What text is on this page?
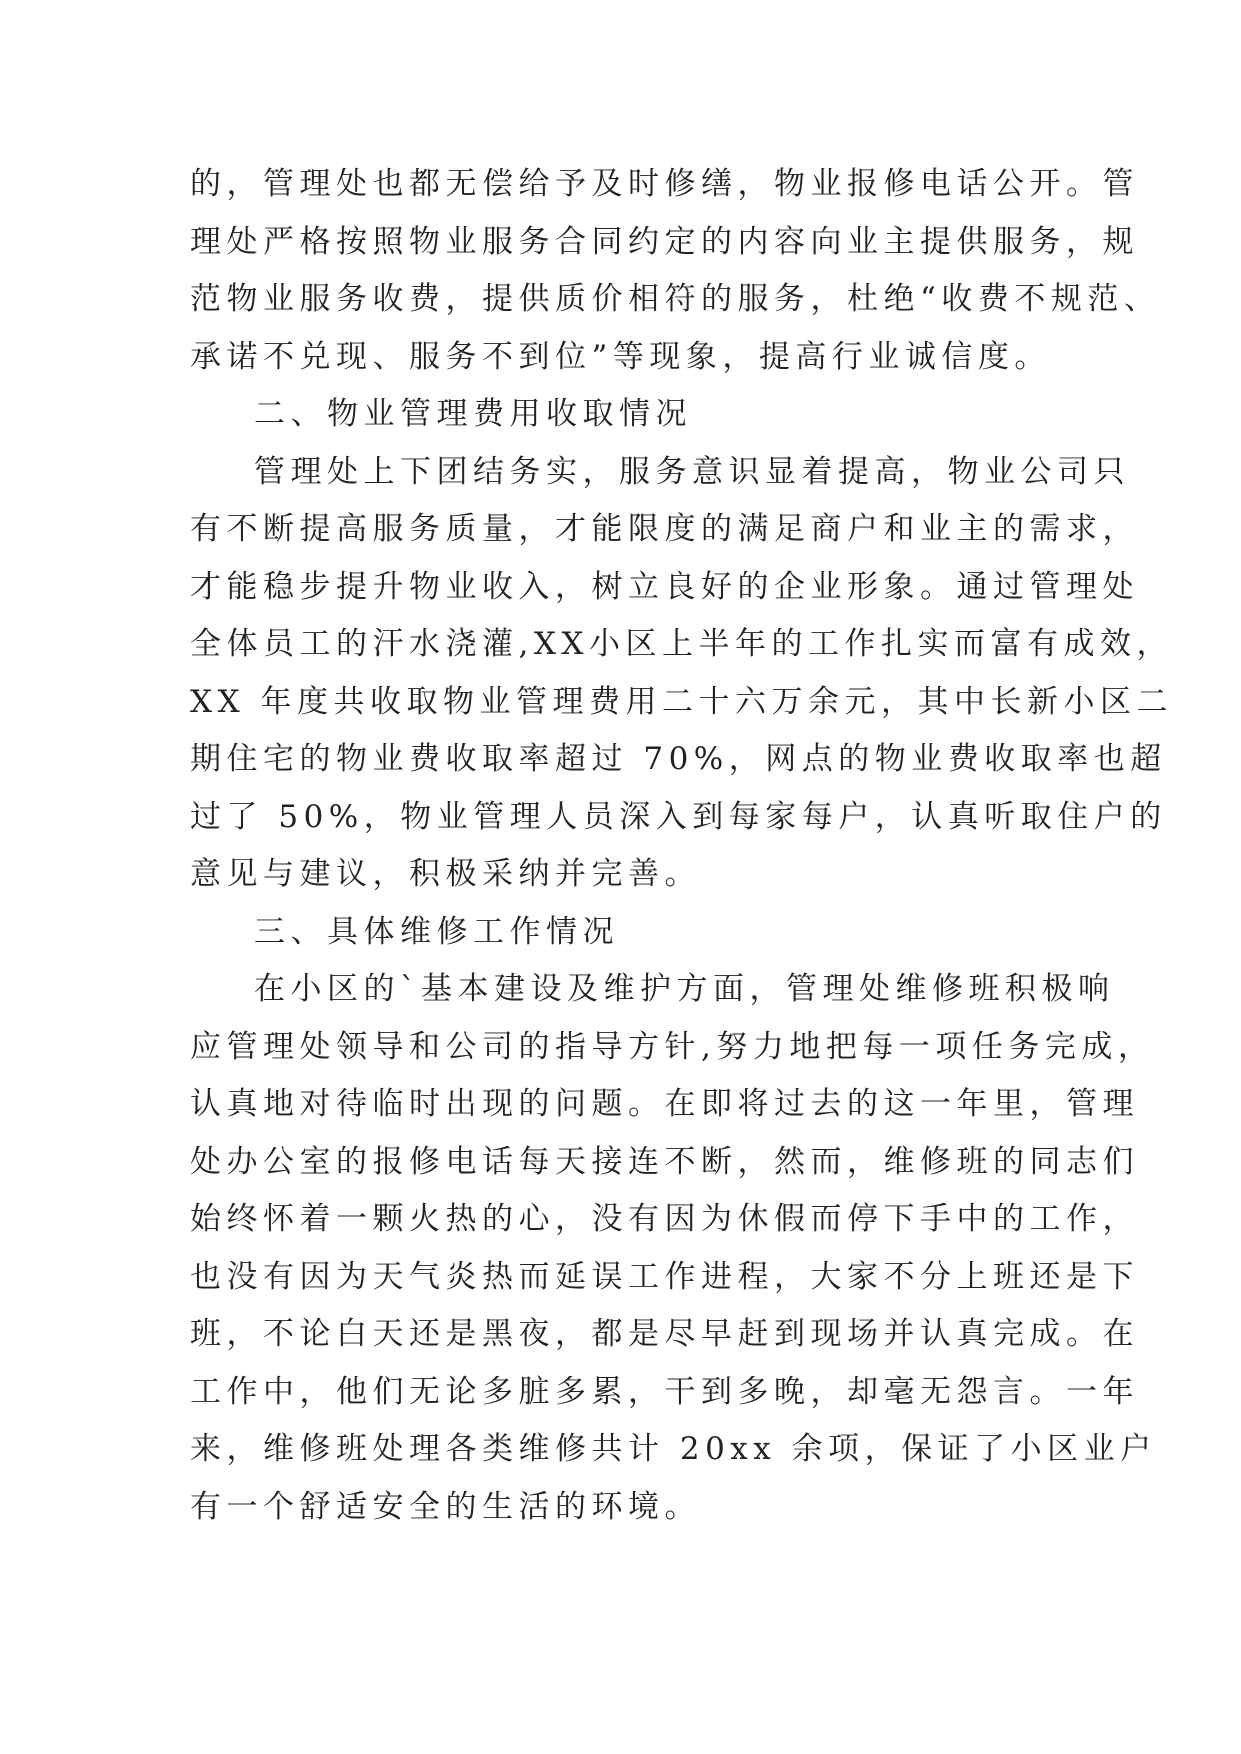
的，管理处也都无偿给予及时修缮，物业报修电话公开。管
理处严格按照物业服务合同约定的内容向业主提供服务，规
范物业服务收费，提供质价相符的服务，杜绝“收费不规范、
承诺不兑现、服务不到位”等现象，提高行业诚信度。
二、物业管理费用收取情况
管理处上下团结务实，服务意识显着提高，物业公司只
有不断提高服务质量，才能限度的满足商户和业主的需求，
才能稳步提升物业收入，树立良好的企业形象。通过管理处
全体员工的汗水浇灌,XX小区上半年的工作扎实而富有成效，
XX 年度共收取物业管理费用二十六万余元，其中长新小区二
期住宅的物业费收取率超过 70%，网点的物业费收取率也超
过了 50%，物业管理人员深入到每家每户，认真听取住户的
意见与建议，积极采纳并完善。
三、具体维修工作情况
在小区的`基本建设及维护方面，管理处维修班积极响
应管理处领导和公司的指导方针,努力地把每一项任务完成，
认真地对待临时出现的问题。在即将过去的这一年里，管理
处办公室的报修电话每天接连不断，然而，维修班的同志们
始终怀着一颗火热的心，没有因为休假而停下手中的工作，
也没有因为天气炎热而延误工作进程，大家不分上班还是下
班，不论白天还是黑夜，都是尽早赶到现场并认真完成。在
工作中，他们无论多脏多累，干到多晚，却毫无怨言。一年
来，维修班处理各类维修共计 20xx 余项，保证了小区业户
有一个舒适安全的生活的环境。
